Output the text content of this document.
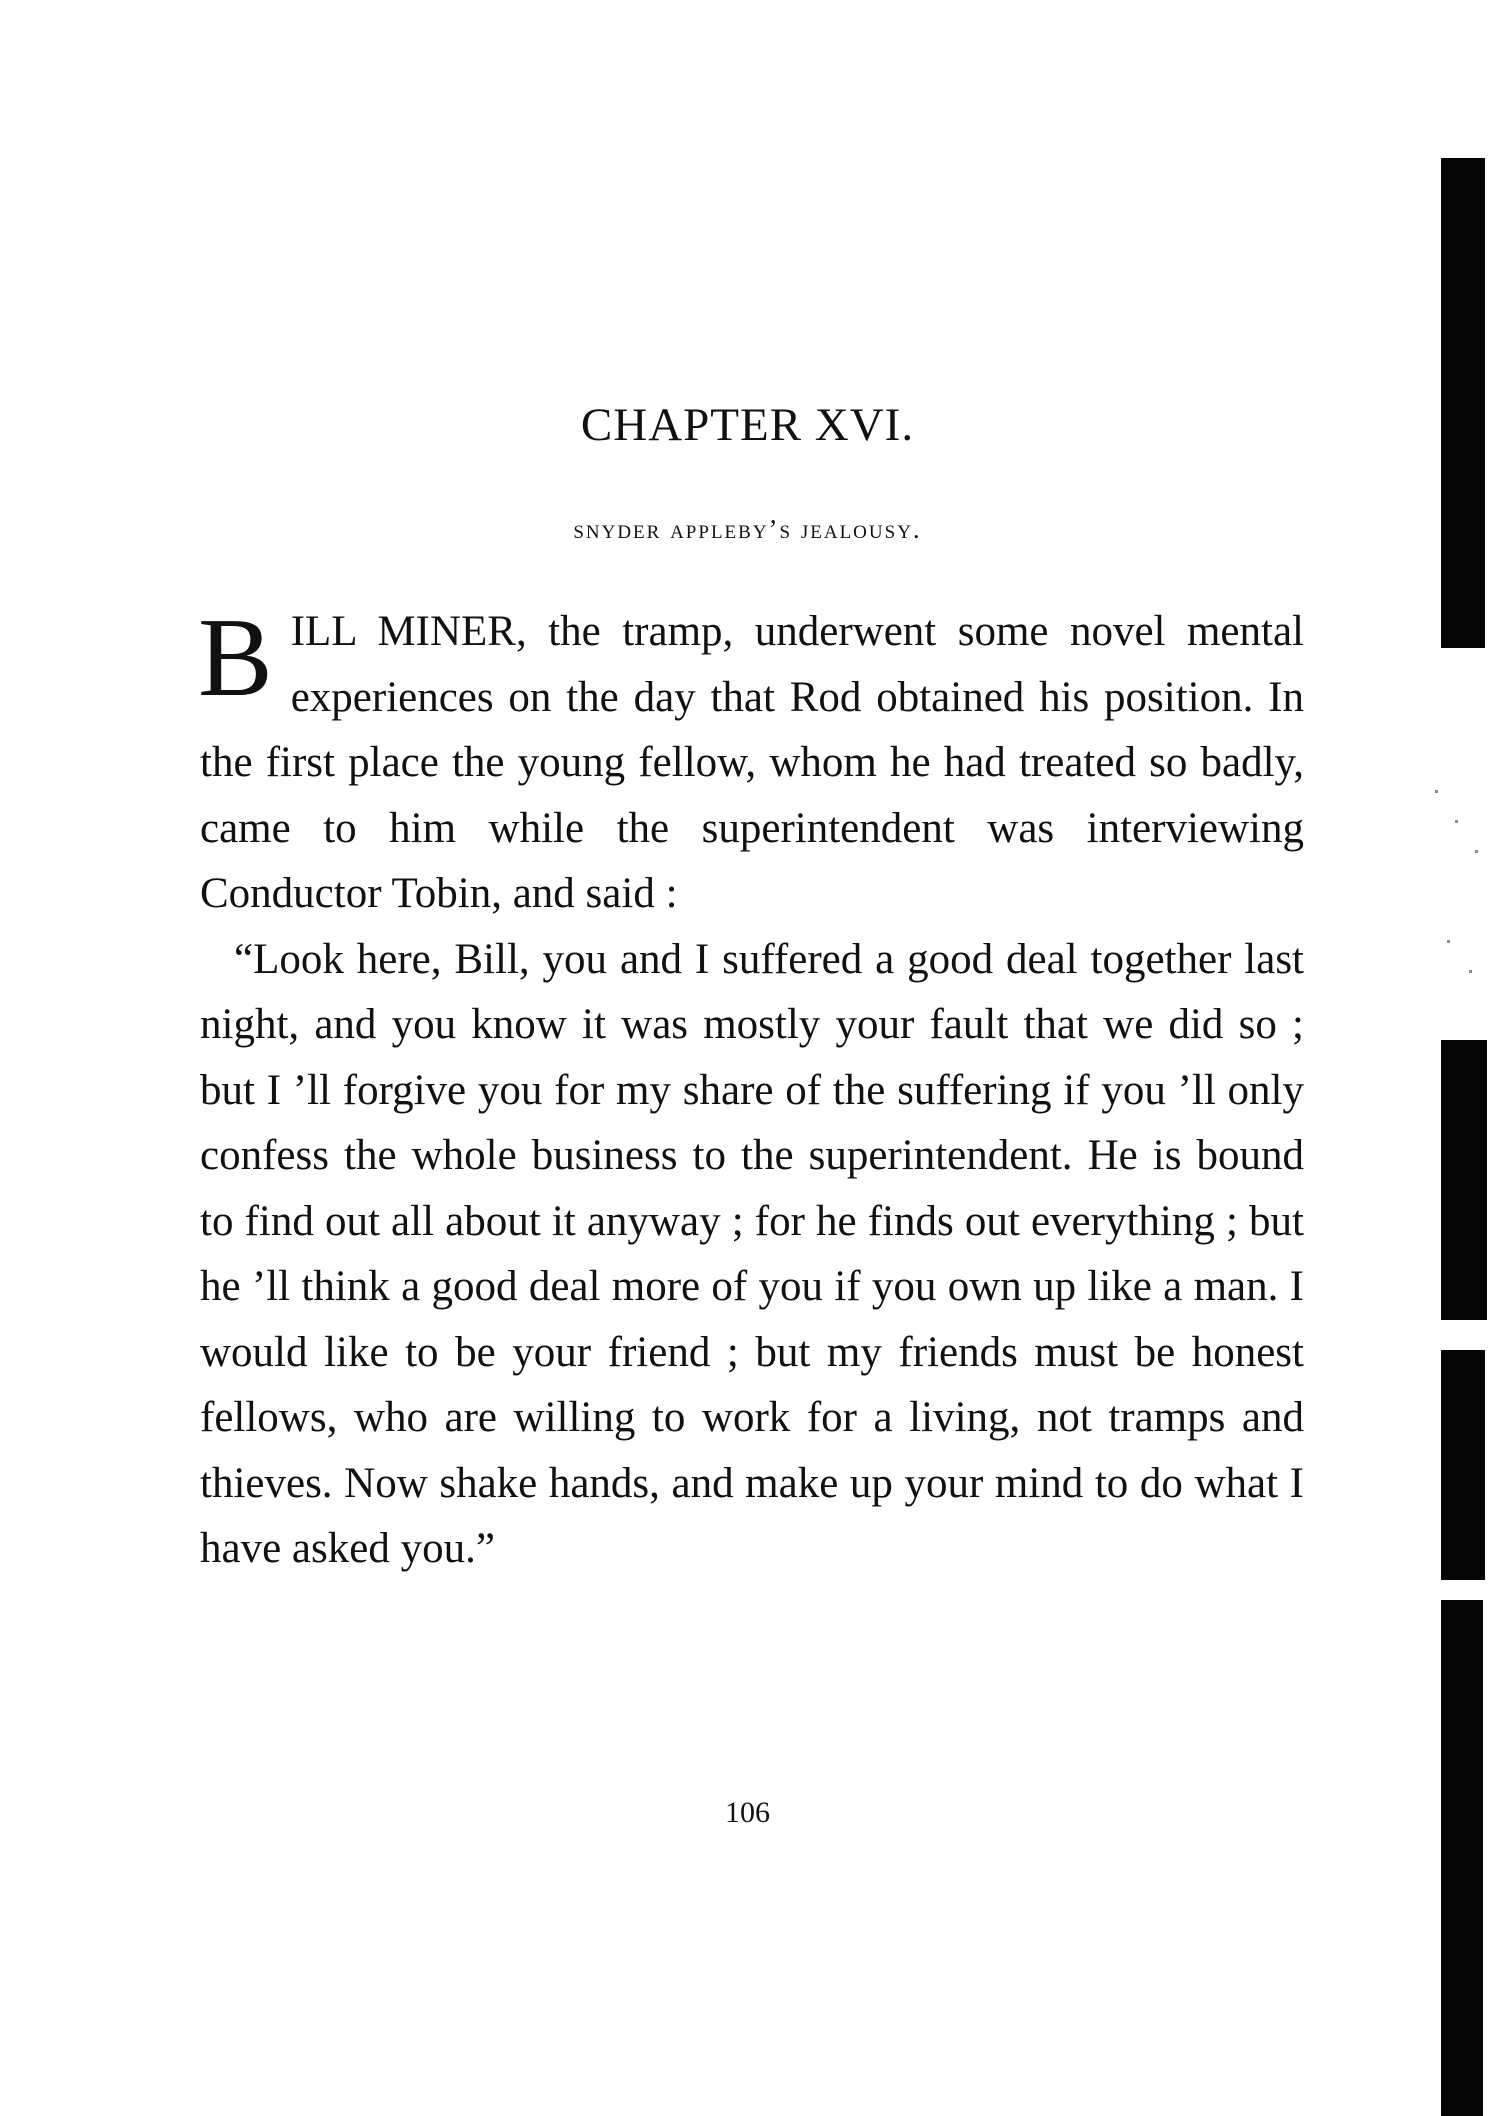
CHAPTER XVI.
snyder appleby’s jealousy.

BILL MINER, the tramp, underwent some novel mental experiences on the day that Rod obtained his position. In the first place the young fellow, whom he had treated so badly, came to him while the superintendent was interviewing Conductor Tobin, and said :

“Look here, Bill, you and I suffered a good deal together last night, and you know it was mostly your fault that we did so ; but I ’ll forgive you for my share of the suffering if you ’ll only confess the whole business to the superintendent. He is bound to find out all about it anyway ; for he finds out everything ; but he ’ll think a good deal more of you if you own up like a man. I would like to be your friend ; but my friends must be honest fellows, who are willing to work for a living, not tramps and thieves. Now shake hands, and make up your mind to do what I have asked you.”

106
